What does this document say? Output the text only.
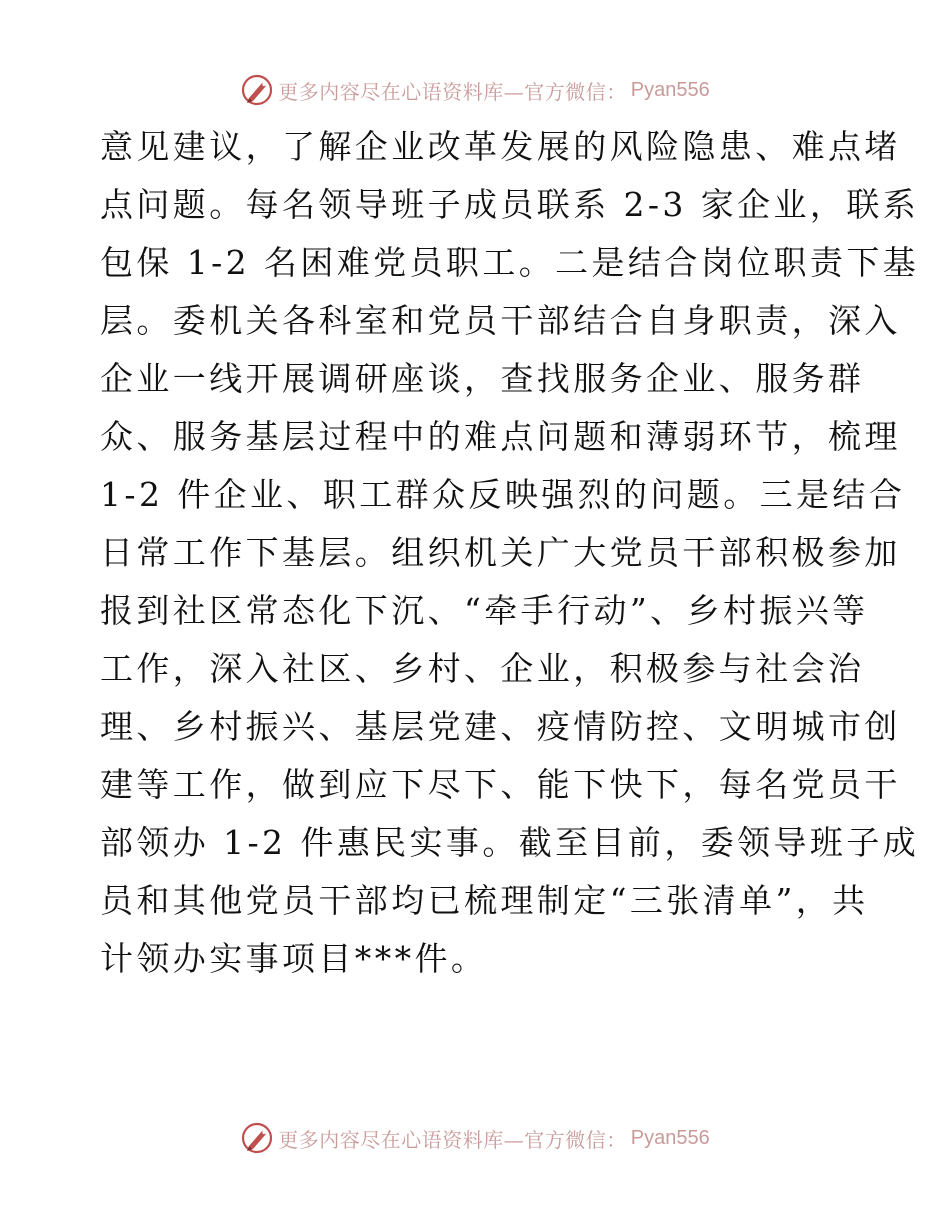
更多内容尽在心语资料库—官方微信： Pyan556
意见建议，了解企业改革发展的风险隐患、难点堵
点问题。每名领导班子成员联系 2-3 家企业，联系
包保 1-2 名困难党员职工。二是结合岗位职责下基
层。委机关各科室和党员干部结合自身职责，深入
企业一线开展调研座谈，查找服务企业、服务群
众、服务基层过程中的难点问题和薄弱环节，梳理
1-2 件企业、职工群众反映强烈的问题。三是结合
日常工作下基层。组织机关广大党员干部积极参加
报到社区常态化下沉、“牵手行动”、乡村振兴等
工作，深入社区、乡村、企业，积极参与社会治
理、乡村振兴、基层党建、疫情防控、文明城市创
建等工作，做到应下尽下、能下快下，每名党员干
部领办 1-2 件惠民实事。截至目前，委领导班子成
员和其他党员干部均已梳理制定“三张清单”，共
计领办实事项目***件。
更多内容尽在心语资料库—官方微信： Pyan556
